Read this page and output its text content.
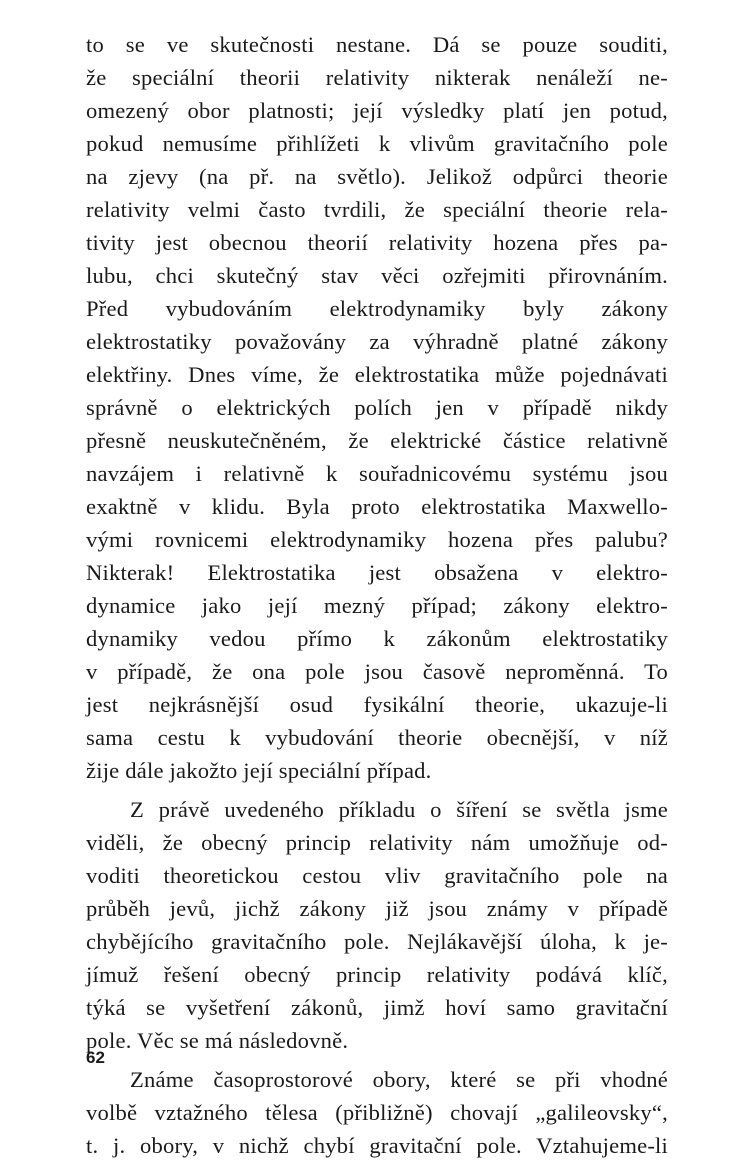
to se ve skutečnosti nestane. Dá se pouze souditi,
že speciální theorii relativity nikterak nenáleží ne-
omezený obor platnosti; její výsledky platí jen potud,
pokud nemusíme přihlížeti k vlivům gravitačního pole
na zjevy (na př. na světlo). Jelikož odpůrci theorie
relativity velmi často tvrdili, že speciální theorie rela-
tivity jest obecnou theorií relativity hozena přes pa-
lubu, chci skutečný stav věci ozřejmiti přirovnáním.
Před vybudováním elektrodynamiky byly zákony
elektrostatiky považovány za výhradně platné zákony
elektřiny. Dnes víme, že elektrostatika může pojednávati
správně o elektrických polích jen v případě nikdy
přesně neuskutečněném, že elektrické částice relativně
navzájem i relativně k souřadnicovému systému jsou
exaktně v klidu. Byla proto elektrostatika Maxwello-
vými rovnicemi elektrodynamiky hozena přes palubu?
Nikterak! Elektrostatika jest obsažena v elektro-
dynamice jako její mezný případ; zákony elektro-
dynamiky vedou přímo k zákonům elektrostatiky
v případě, že ona pole jsou časově neproměnná. To
jest nejkrásnější osud fysikální theorie, ukazuje-li
sama cestu k vybudování theorie obecnější, v níž
žije dále jakožto její speciální případ.
Z právě uvedeného příkladu o šíření se světla jsme
viděli, že obecný princip relativity nám umožňuje od-
voditi theoretickou cestou vliv gravitačního pole na
průběh jevů, jichž zákony již jsou známy v případě
chybějícího gravitačního pole. Nejlákavější úloha, k je-
jímuž řešení obecný princip relativity podává klíč,
týká se vyšetření zákonů, jimž hoví samo gravitační
pole. Věc se má následovně.
Známe časoprostorové obory, které se při vhodné
volbě vztažného tělesa (přibližně) chovají „galileovsky“,
t. j. obory, v nichž chybí gravitační pole. Vztahujeme-li
62
